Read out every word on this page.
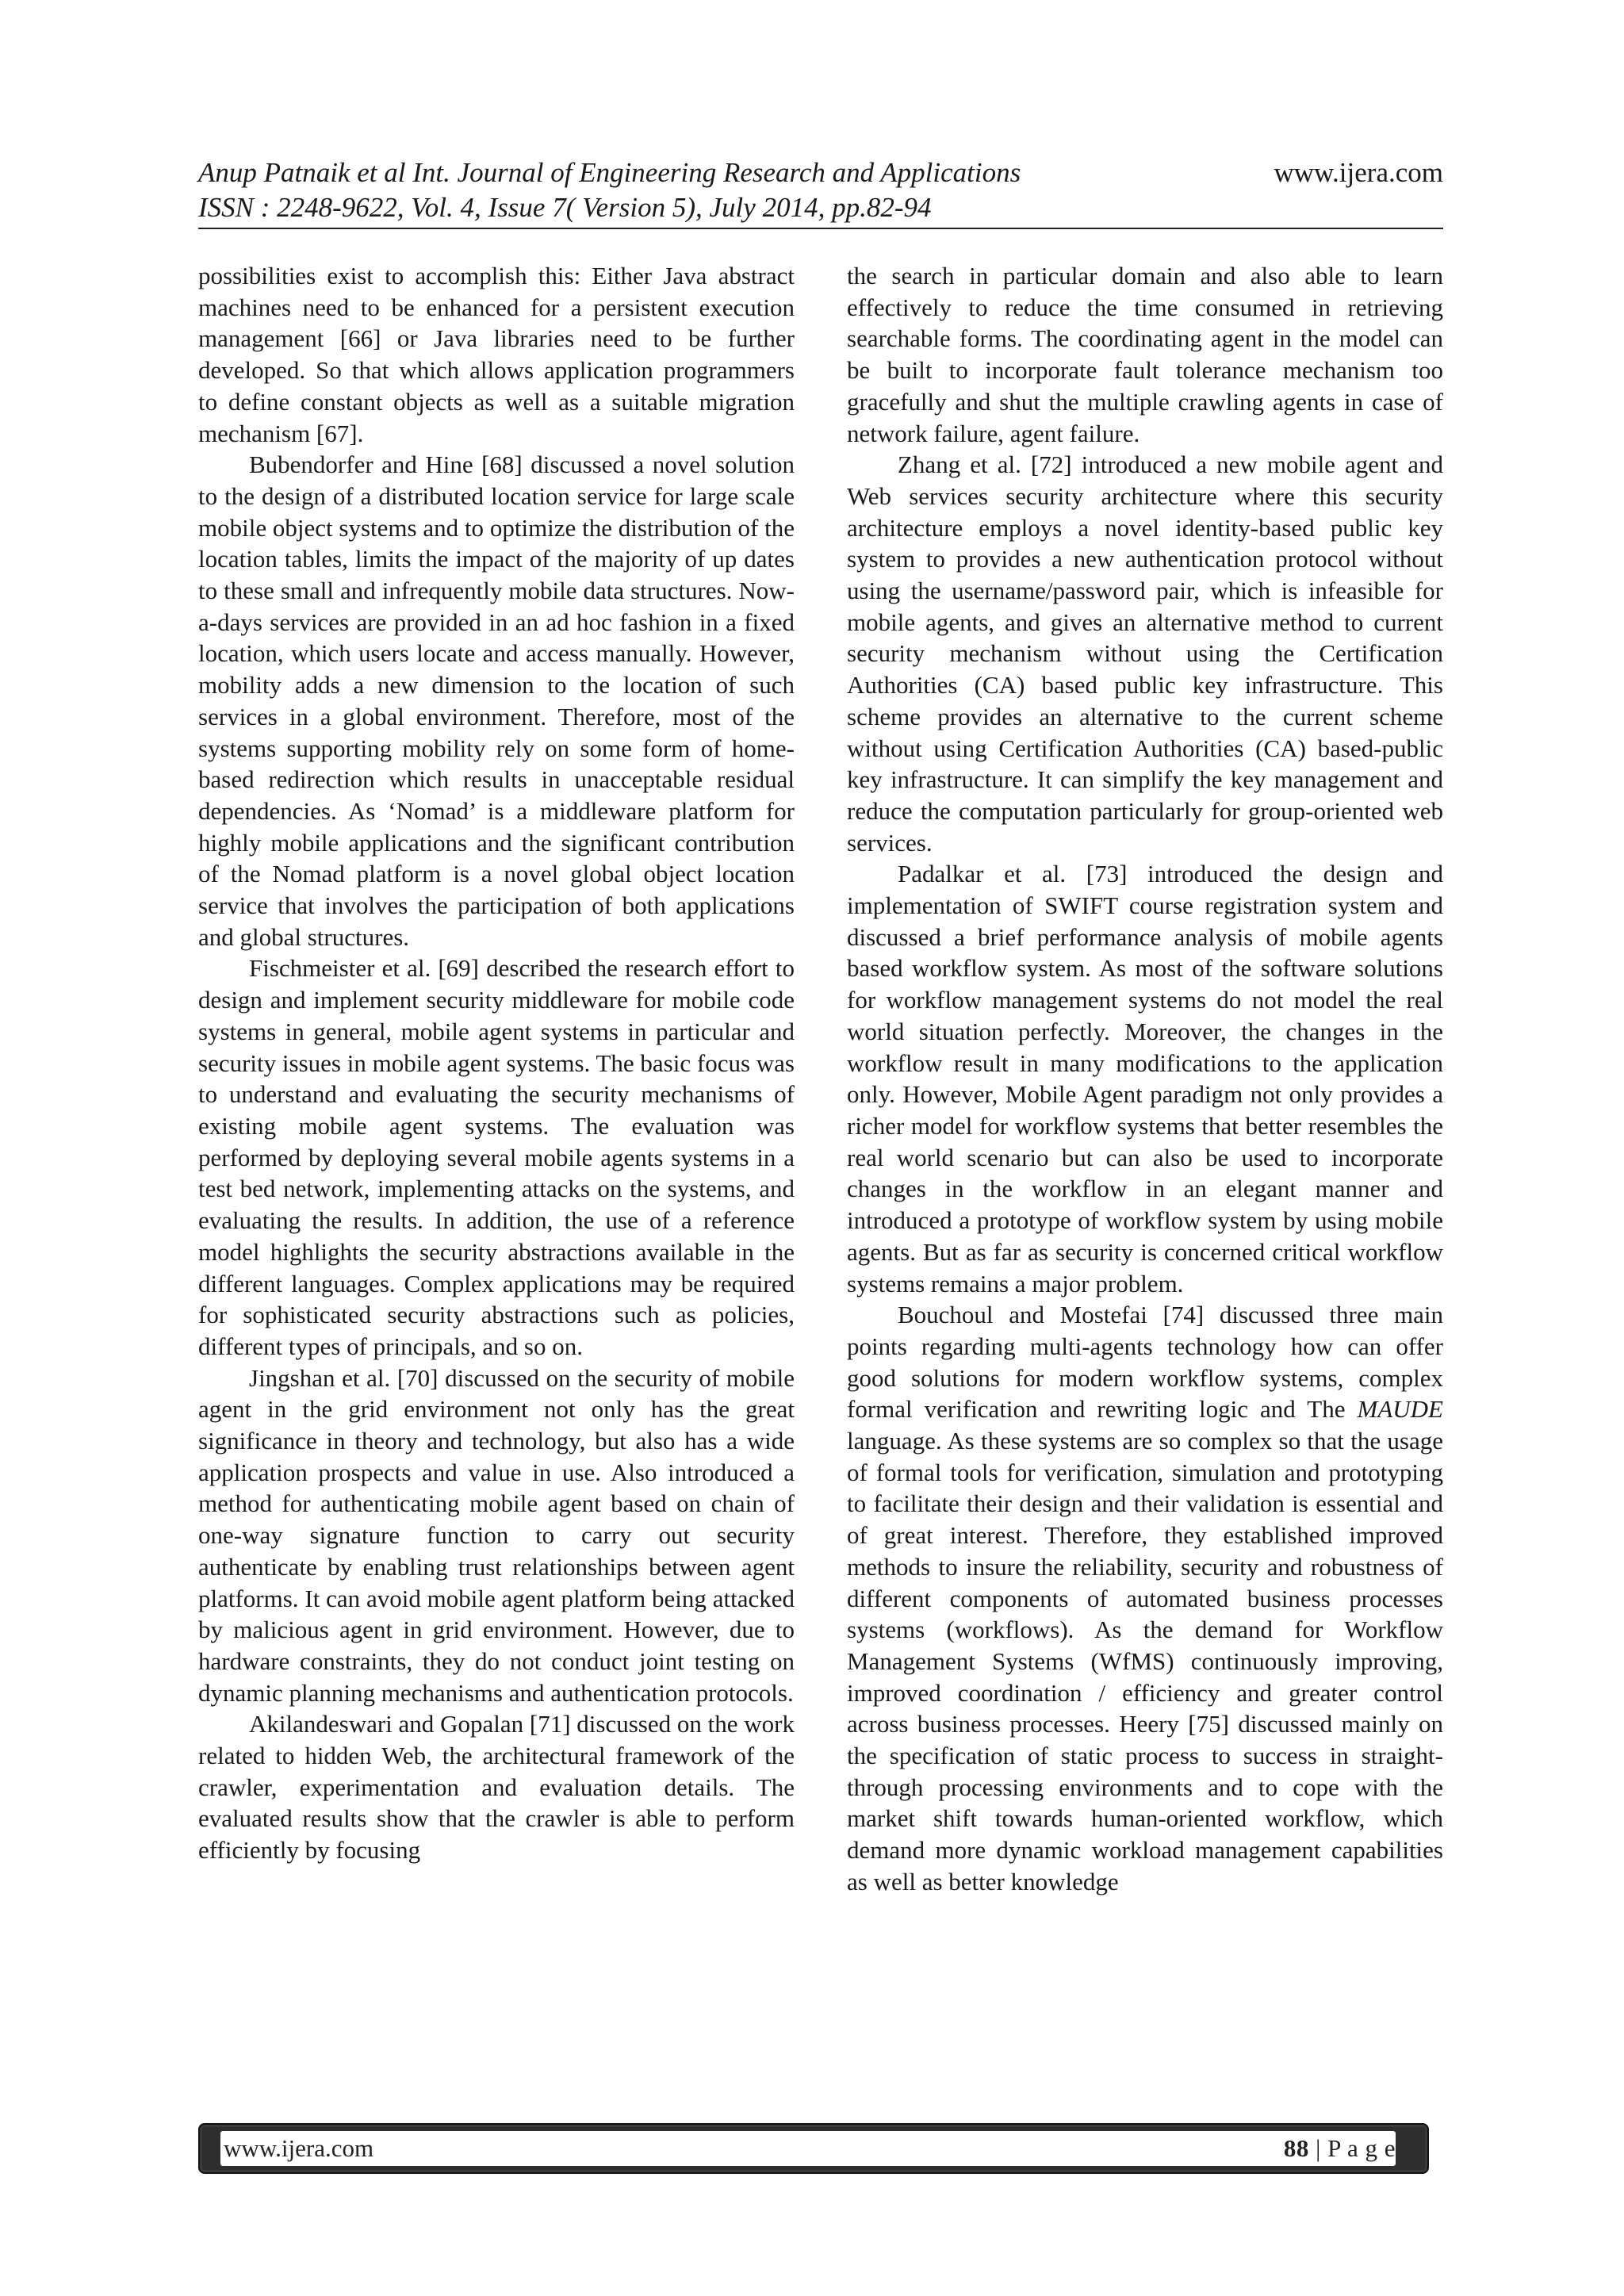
Anup Patnaik et al Int. Journal of Engineering Research and Applications	www.ijera.com
ISSN : 2248-9622, Vol. 4, Issue 7( Version 5), July 2014, pp.82-94

possibilities exist to accomplish this: Either Java abstract machines need to be enhanced for a persistent execution management [66] or Java libraries need to be further developed. So that which allows application programmers to define constant objects as well as a suitable migration mechanism [67].

Bubendorfer and Hine [68] discussed a novel solution to the design of a distributed location service for large scale mobile object systems and to optimize the distribution of the location tables, limits the impact of the majority of up dates to these small and infrequently mobile data structures. Now-a-days services are provided in an ad hoc fashion in a fixed location, which users locate and access manually. However, mobility adds a new dimension to the location of such services in a global environment. Therefore, most of the systems supporting mobility rely on some form of home-based redirection which results in unacceptable residual dependencies. As ‘Nomad’ is a middleware platform for highly mobile applications and the significant contribution of the Nomad platform is a novel global object location service that involves the participation of both applications and global structures.

Fischmeister et al. [69] described the research effort to design and implement security middleware for mobile code systems in general, mobile agent systems in particular and security issues in mobile agent systems. The basic focus was to understand and evaluating the security mechanisms of existing mobile agent systems. The evaluation was performed by deploying several mobile agents systems in a test bed network, implementing attacks on the systems, and evaluating the results. In addition, the use of a reference model highlights the security abstractions available in the different languages. Complex applications may be required for sophisticated security abstractions such as policies, different types of principals, and so on.

Jingshan et al. [70] discussed on the security of mobile agent in the grid environment not only has the great significance in theory and technology, but also has a wide application prospects and value in use. Also introduced a method for authenticating mobile agent based on chain of one-way signature function to carry out security authenticate by enabling trust relationships between agent platforms. It can avoid mobile agent platform being attacked by malicious agent in grid environment. However, due to hardware constraints, they do not conduct joint testing on dynamic planning mechanisms and authentication protocols.

Akilandeswari and Gopalan [71] discussed on the work related to hidden Web, the architectural framework of the crawler, experimentation and evaluation details. The evaluated results show that the crawler is able to perform efficiently by focusing

the search in particular domain and also able to learn effectively to reduce the time consumed in retrieving searchable forms. The coordinating agent in the model can be built to incorporate fault tolerance mechanism too gracefully and shut the multiple crawling agents in case of network failure, agent failure.

Zhang et al. [72] introduced a new mobile agent and Web services security architecture where this security architecture employs a novel identity-based public key system to provides a new authentication protocol without using the username/password pair, which is infeasible for mobile agents, and gives an alternative method to current security mechanism without using the Certification Authorities (CA) based public key infrastructure. This scheme provides an alternative to the current scheme without using Certification Authorities (CA) based-public key infrastructure. It can simplify the key management and reduce the computation particularly for group-oriented web services.

Padalkar et al. [73] introduced the design and implementation of SWIFT course registration system and discussed a brief performance analysis of mobile agents based workflow system. As most of the software solutions for workflow management systems do not model the real world situation perfectly. Moreover, the changes in the workflow result in many modifications to the application only. However, Mobile Agent paradigm not only provides a richer model for workflow systems that better resembles the real world scenario but can also be used to incorporate changes in the workflow in an elegant manner and introduced a prototype of workflow system by using mobile agents. But as far as security is concerned critical workflow systems remains a major problem.

Bouchoul and Mostefai [74] discussed three main points regarding multi-agents technology how can offer good solutions for modern workflow systems, complex formal verification and rewriting logic and The MAUDE language. As these systems are so complex so that the usage of formal tools for verification, simulation and prototyping to facilitate their design and their validation is essential and of great interest. Therefore, they established improved methods to insure the reliability, security and robustness of different components of automated business processes systems (workflows). As the demand for Workflow Management Systems (WfMS) continuously improving, improved coordination / efficiency and greater control across business processes. Heery [75] discussed mainly on the specification of static process to success in straight-through processing environments and to cope with the market shift towards human-oriented workflow, which demand more dynamic workload management capabilities as well as better knowledge

www.ijera.com	88 | P a g e
